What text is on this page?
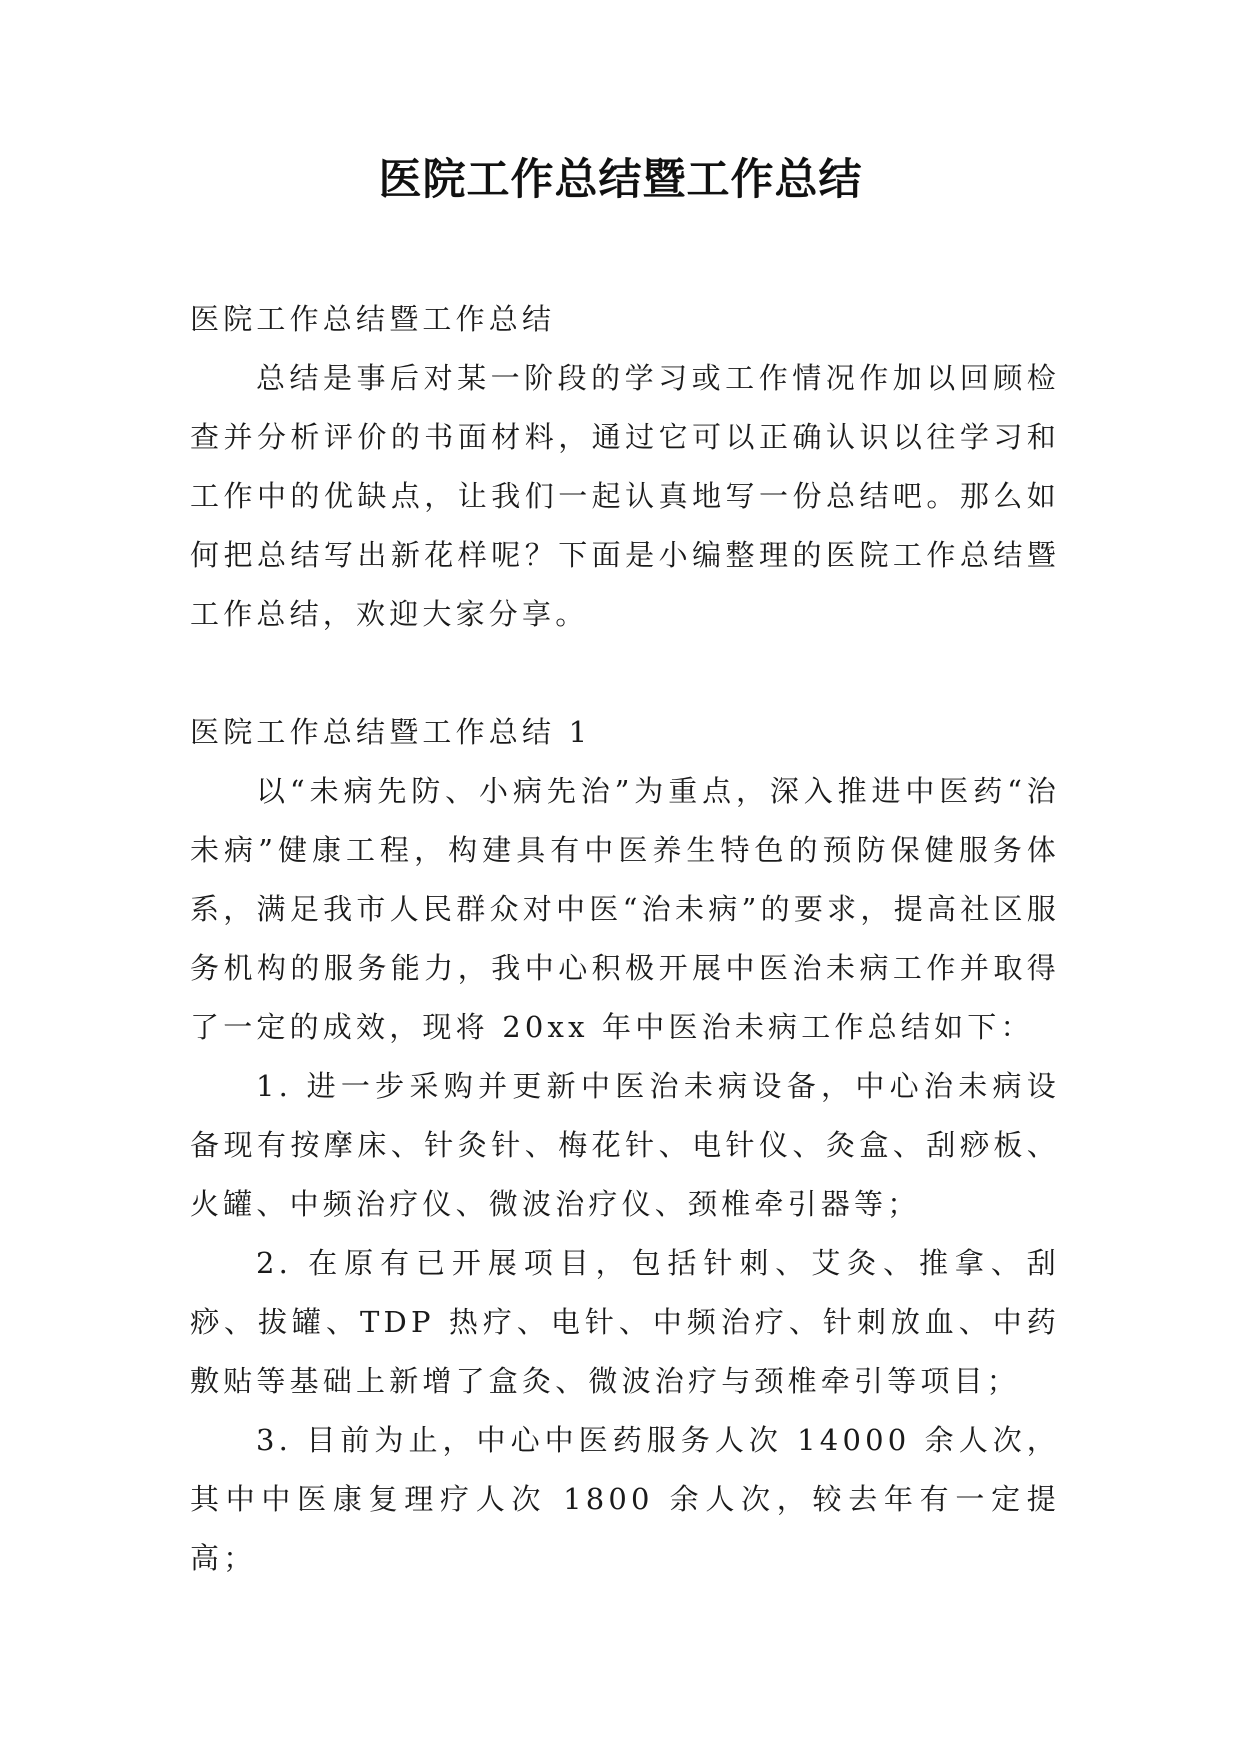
医院工作总结暨工作总结

医院工作总结暨工作总结

总结是事后对某一阶段的学习或工作情况作加以回顾检查并分析评价的书面材料，通过它可以正确认识以往学习和工作中的优缺点，让我们一起认真地写一份总结吧。那么如何把总结写出新花样呢？下面是小编整理的医院工作总结暨工作总结，欢迎大家分享。

医院工作总结暨工作总结 1

以“未病先防、小病先治”为重点，深入推进中医药“治未病”健康工程，构建具有中医养生特色的预防保健服务体系，满足我市人民群众对中医“治未病”的要求，提高社区服务机构的服务能力，我中心积极开展中医治未病工作并取得了一定的成效，现将 20xx 年中医治未病工作总结如下：

1. 进一步采购并更新中医治未病设备，中心治未病设备现有按摩床、针灸针、梅花针、电针仪、灸盒、刮痧板、火罐、中频治疗仪、微波治疗仪、颈椎牵引器等；

2. 在原有已开展项目，包括针刺、艾灸、推拿、刮痧、拔罐、TDP 热疗、电针、中频治疗、针刺放血、中药敷贴等基础上新增了盒灸、微波治疗与颈椎牵引等项目；

3. 目前为止，中心中医药服务人次 14000 余人次，其中中医康复理疗人次 1800 余人次，较去年有一定提高；
